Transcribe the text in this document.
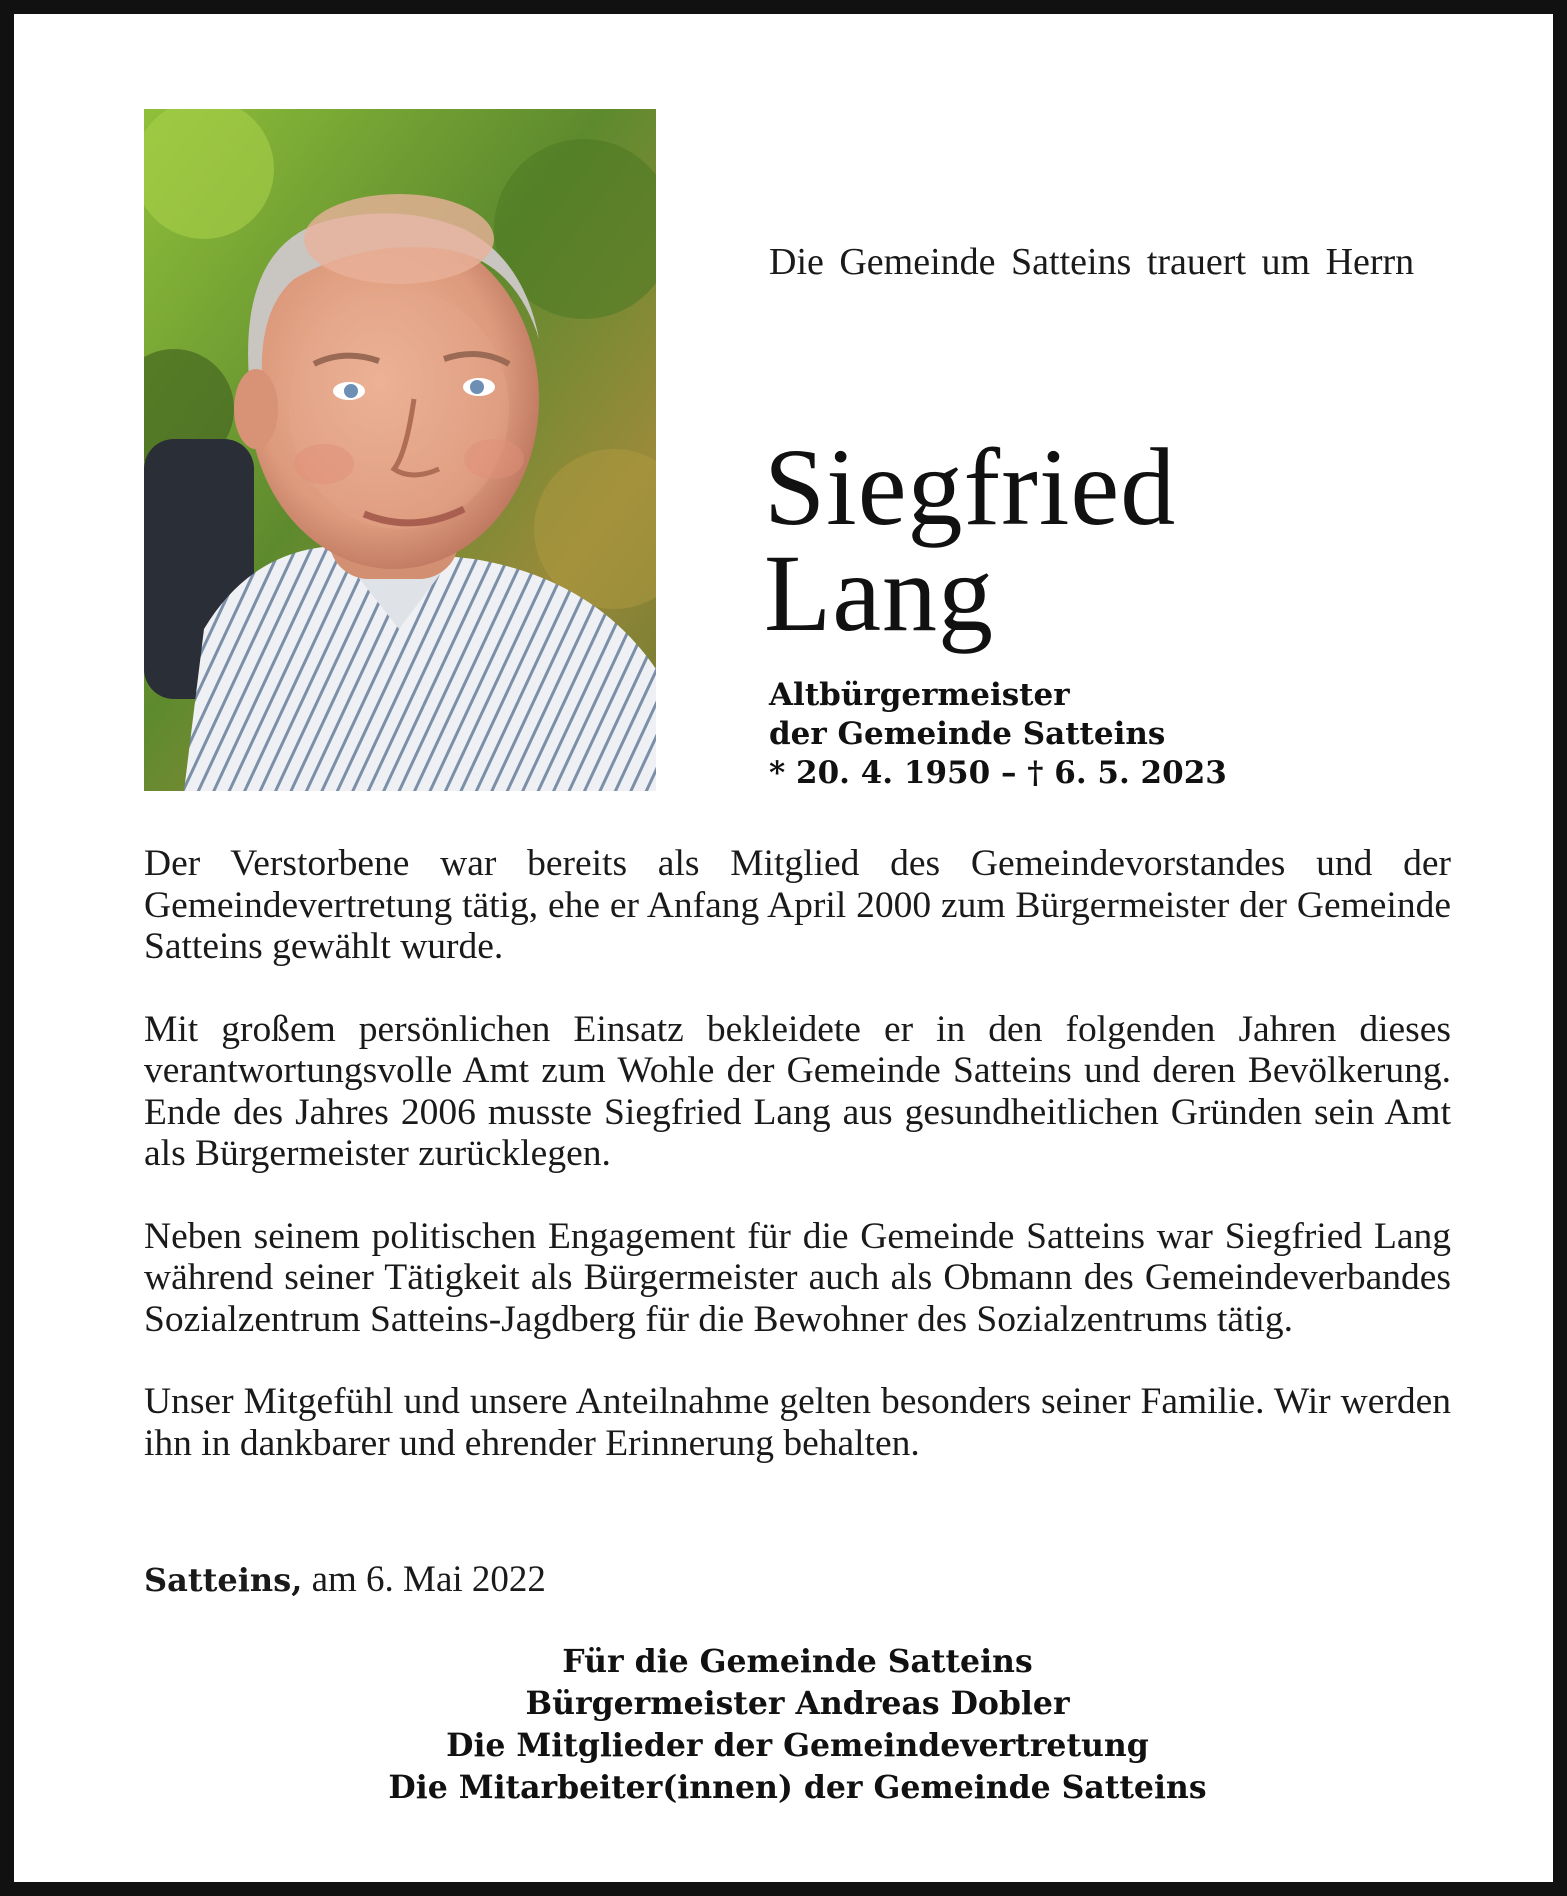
Die Gemeinde Satteins trauert um Herrn
Siegfried
Lang
Altbürgermeister
der Gemeinde Satteins
* 20. 4. 1950 – † 6. 5. 2023

Der Verstorbene war bereits als Mitglied des Gemeindevorstandes und der Gemeindevertretung tätig, ehe er Anfang April 2000 zum Bürgermeister der Gemeinde Satteins gewählt wurde.

Mit großem persönlichen Einsatz bekleidete er in den folgenden Jahren dieses verantwortungsvolle Amt zum Wohle der Gemeinde Satteins und deren Bevölkerung. Ende des Jahres 2006 musste Siegfried Lang aus gesundheitlichen Gründen sein Amt als Bürgermeister zurücklegen.

Neben seinem politischen Engagement für die Gemeinde Satteins war Siegfried Lang während seiner Tätigkeit als Bürgermeister auch als Obmann des Gemeindeverbandes Sozialzentrum Satteins-Jagdberg für die Bewohner des Sozialzentrums tätig.

Unser Mitgefühl und unsere Anteilnahme gelten besonders seiner Familie. Wir werden ihn in dankbarer und ehrender Erinnerung behalten.

Satteins, am 6. Mai 2022
Für die Gemeinde Satteins
Bürgermeister Andreas Dobler
Die Mitglieder der Gemeindevertretung
Die Mitarbeiter(innen) der Gemeinde Satteins
